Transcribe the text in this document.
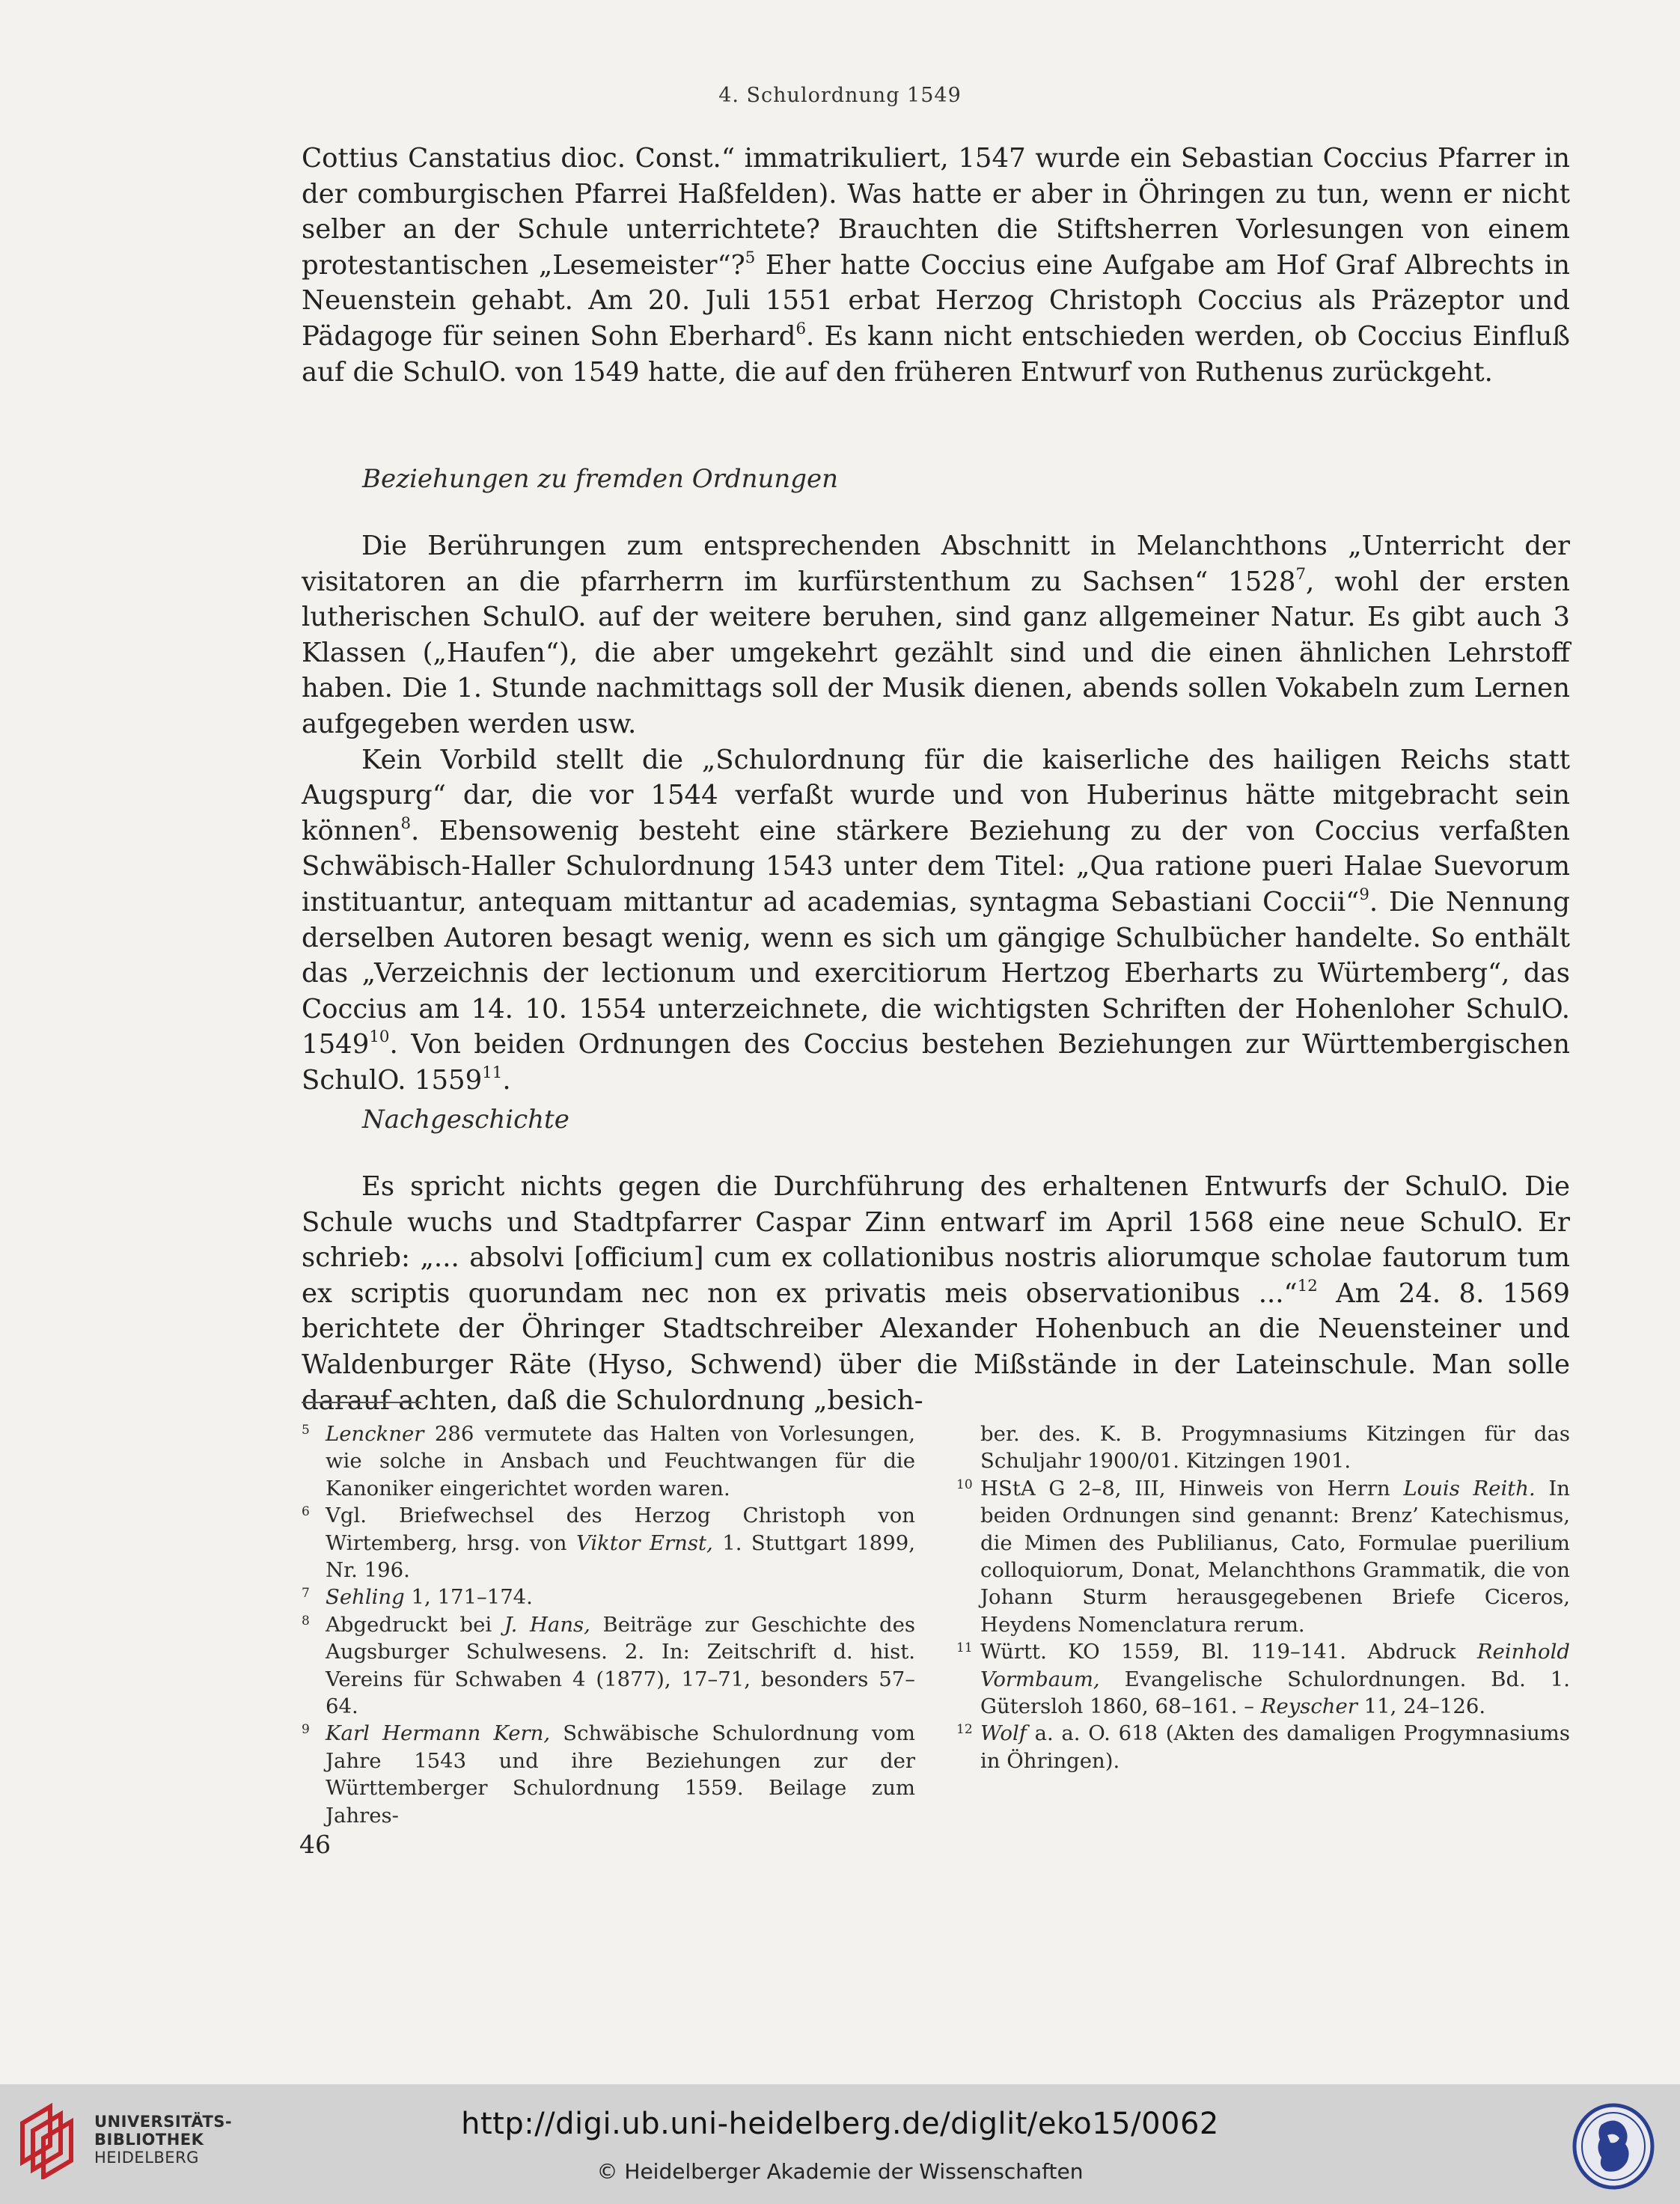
4. Schulordnung 1549

Cottius Canstatius dioc. Const.“ immatrikuliert, 1547 wurde ein Sebastian Coccius Pfarrer in der comburgischen Pfarrei Haßfelden). Was hatte er aber in Öhringen zu tun, wenn er nicht selber an der Schule unterrichtete? Brauchten die Stiftsherren Vorlesungen von einem protestantischen „Lesemeister“?$^5$ Eher hatte Coccius eine Aufgabe am Hof Graf Albrechts in Neuenstein gehabt. Am 20. Juli 1551 erbat Herzog Christoph Coccius als Präzeptor und Pädagoge für seinen Sohn Eberhard$^6$. Es kann nicht entschieden werden, ob Coccius Einfluß auf die SchulO. von 1549 hatte, die auf den früheren Entwurf von Ruthenus zurückgeht.

Beziehungen zu fremden Ordnungen

Die Berührungen zum entsprechenden Abschnitt in Melanchthons „Unterricht der visitatoren an die pfarrherrn im kurfürstenthum zu Sachsen“ 1528$^7$, wohl der ersten lutherischen SchulO. auf der weitere beruhen, sind ganz allgemeiner Natur. Es gibt auch 3 Klassen („Haufen“), die aber umgekehrt gezählt sind und die einen ähnlichen Lehrstoff haben. Die 1. Stunde nachmittags soll der Musik dienen, abends sollen Vokabeln zum Lernen aufgegeben werden usw.

Kein Vorbild stellt die „Schulordnung für die kaiserliche des hailigen Reichs statt Augspurg“ dar, die vor 1544 verfaßt wurde und von Huberinus hätte mitgebracht sein können$^8$. Ebensowenig besteht eine stärkere Beziehung zu der von Coccius verfaßten Schwäbisch-Haller Schulordnung 1543 unter dem Titel: „Qua ratione pueri Halae Suevorum instituantur, antequam mittantur ad academias, syntagma Sebastiani Coccii“$^9$. Die Nennung derselben Autoren besagt wenig, wenn es sich um gängige Schulbücher handelte. So enthält das „Verzeichnis der lectionum und exercitiorum Hertzog Eberharts zu Würtemberg“, das Coccius am 14. 10. 1554 unterzeichnete, die wichtigsten Schriften der Hohenloher SchulO. 1549$^{10}$. Von beiden Ordnungen des Coccius bestehen Beziehungen zur Württembergischen SchulO. 1559$^{11}$.

Nachgeschichte

Es spricht nichts gegen die Durchführung des erhaltenen Entwurfs der SchulO. Die Schule wuchs und Stadtpfarrer Caspar Zinn entwarf im April 1568 eine neue SchulO. Er schrieb: „... absolvi [officium] cum ex collationibus nostris aliorumque scholae fautorum tum ex scriptis quorundam nec non ex privatis meis observationibus ...“$^{12}$ Am 24. 8. 1569 berichtete der Öhringer Stadtschreiber Alexander Hohenbuch an die Neuensteiner und Waldenburger Räte (Hyso, Schwend) über die Mißstände in der Lateinschule. Man solle darauf achten, daß die Schulordnung „besich-

5 Lenckner 286 vermutete das Halten von Vorlesungen, wie solche in Ansbach und Feuchtwangen für die Kanoniker eingerichtet worden waren.

6 Vgl. Briefwechsel des Herzog Christoph von Wirtemberg, hrsg. von Viktor Ernst, 1. Stuttgart 1899, Nr. 196.

7 Sehling 1, 171–174.

8 Abgedruckt bei J. Hans, Beiträge zur Geschichte des Augsburger Schulwesens. 2. In: Zeitschrift d. hist. Vereins für Schwaben 4 (1877), 17–71, besonders 57–64.

9 Karl Hermann Kern, Schwäbische Schulordnung vom Jahre 1543 und ihre Beziehungen zur der Württemberger Schulordnung 1559. Beilage zum Jahres-

ber. des. K. B. Progymnasiums Kitzingen für das Schuljahr 1900/01. Kitzingen 1901.

10 HStA G 2–8, III, Hinweis von Herrn Louis Reith. In beiden Ordnungen sind genannt: Brenz’ Katechismus, die Mimen des Publilianus, Cato, Formulae puerilium colloquiorum, Donat, Melanchthons Grammatik, die von Johann Sturm herausgegebenen Briefe Ciceros, Heydens Nomenclatura rerum.

11 Württ. KO 1559, Bl. 119–141. Abdruck Reinhold Vormbaum, Evangelische Schulordnungen. Bd. 1. Gütersloh 1860, 68–161. – Reyscher 11, 24–126.

12 Wolf a. a. O. 618 (Akten des damaligen Progymnasiums in Öhringen).

46
UNIVERSITÄTS-
BIBLIOTHEK
HEIDELBERG
http://digi.ub.uni-heidelberg.de/diglit/eko15/0062
© Heidelberger Akademie der Wissenschaften
